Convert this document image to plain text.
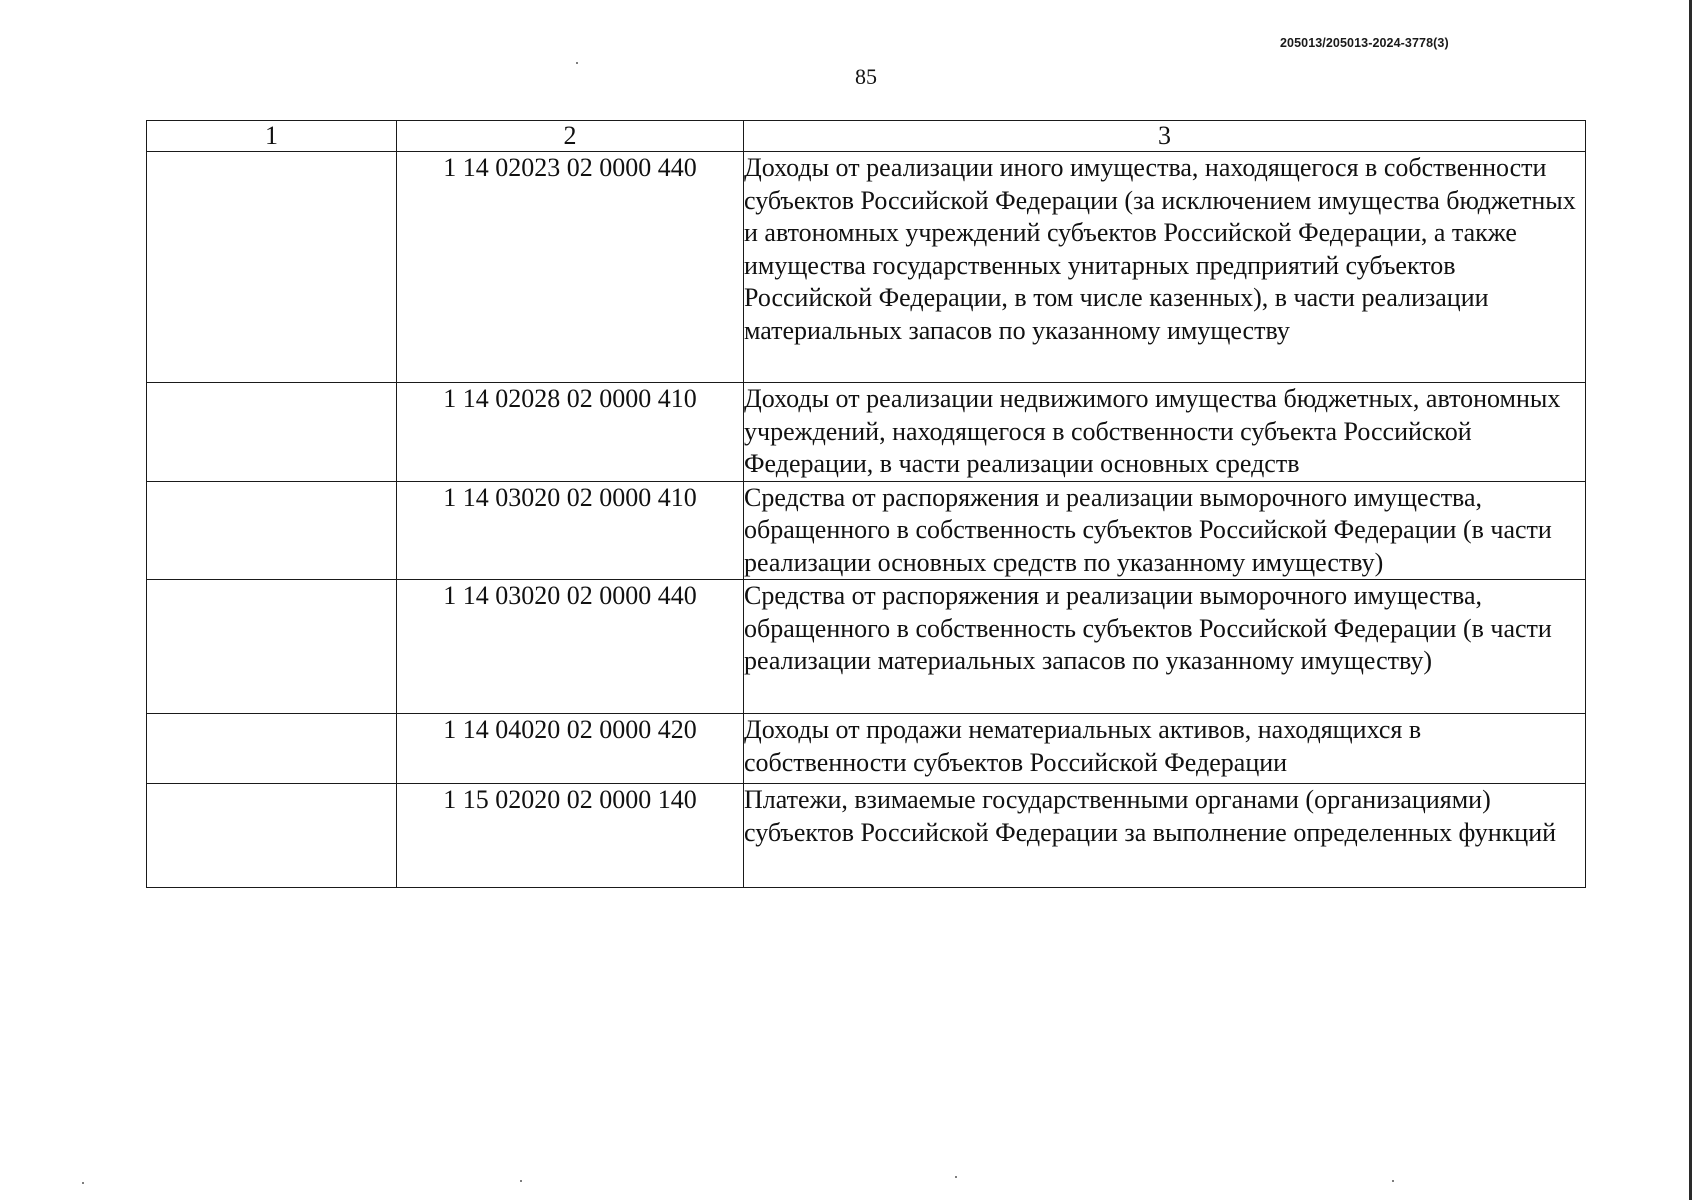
205013/205013-2024-3778(3)
85
1	2	3
	1 14 02023 02 0000 440	Доходы от реализации иного имущества, находящегося в собственности субъектов Российской Федерации (за исключением имущества бюджетных и автономных учреждений субъектов Российской Федерации, а также имущества государственных унитарных предприятий субъектов Российской Федерации, в том числе казенных), в части реализации материальных запасов по указанному имуществу
	1 14 02028 02 0000 410	Доходы от реализации недвижимого имущества бюджетных, автономных учреждений, находящегося в собственности субъекта Российской Федерации, в части реализации основных средств
	1 14 03020 02 0000 410	Средства от распоряжения и реализации выморочного имущества, обращенного в собственность субъектов Российской Федерации (в части реализации основных средств по указанному имуществу)
	1 14 03020 02 0000 440	Средства от распоряжения и реализации выморочного имущества, обращенного в собственность субъектов Российской Федерации (в части реализации материальных запасов по указанному имуществу)
	1 14 04020 02 0000 420	Доходы от продажи нематериальных активов, находящихся в собственности субъектов Российской Федерации
	1 15 02020 02 0000 140	Платежи, взимаемые государственными органами (организациями) субъектов Российской Федерации за выполнение определенных функций
